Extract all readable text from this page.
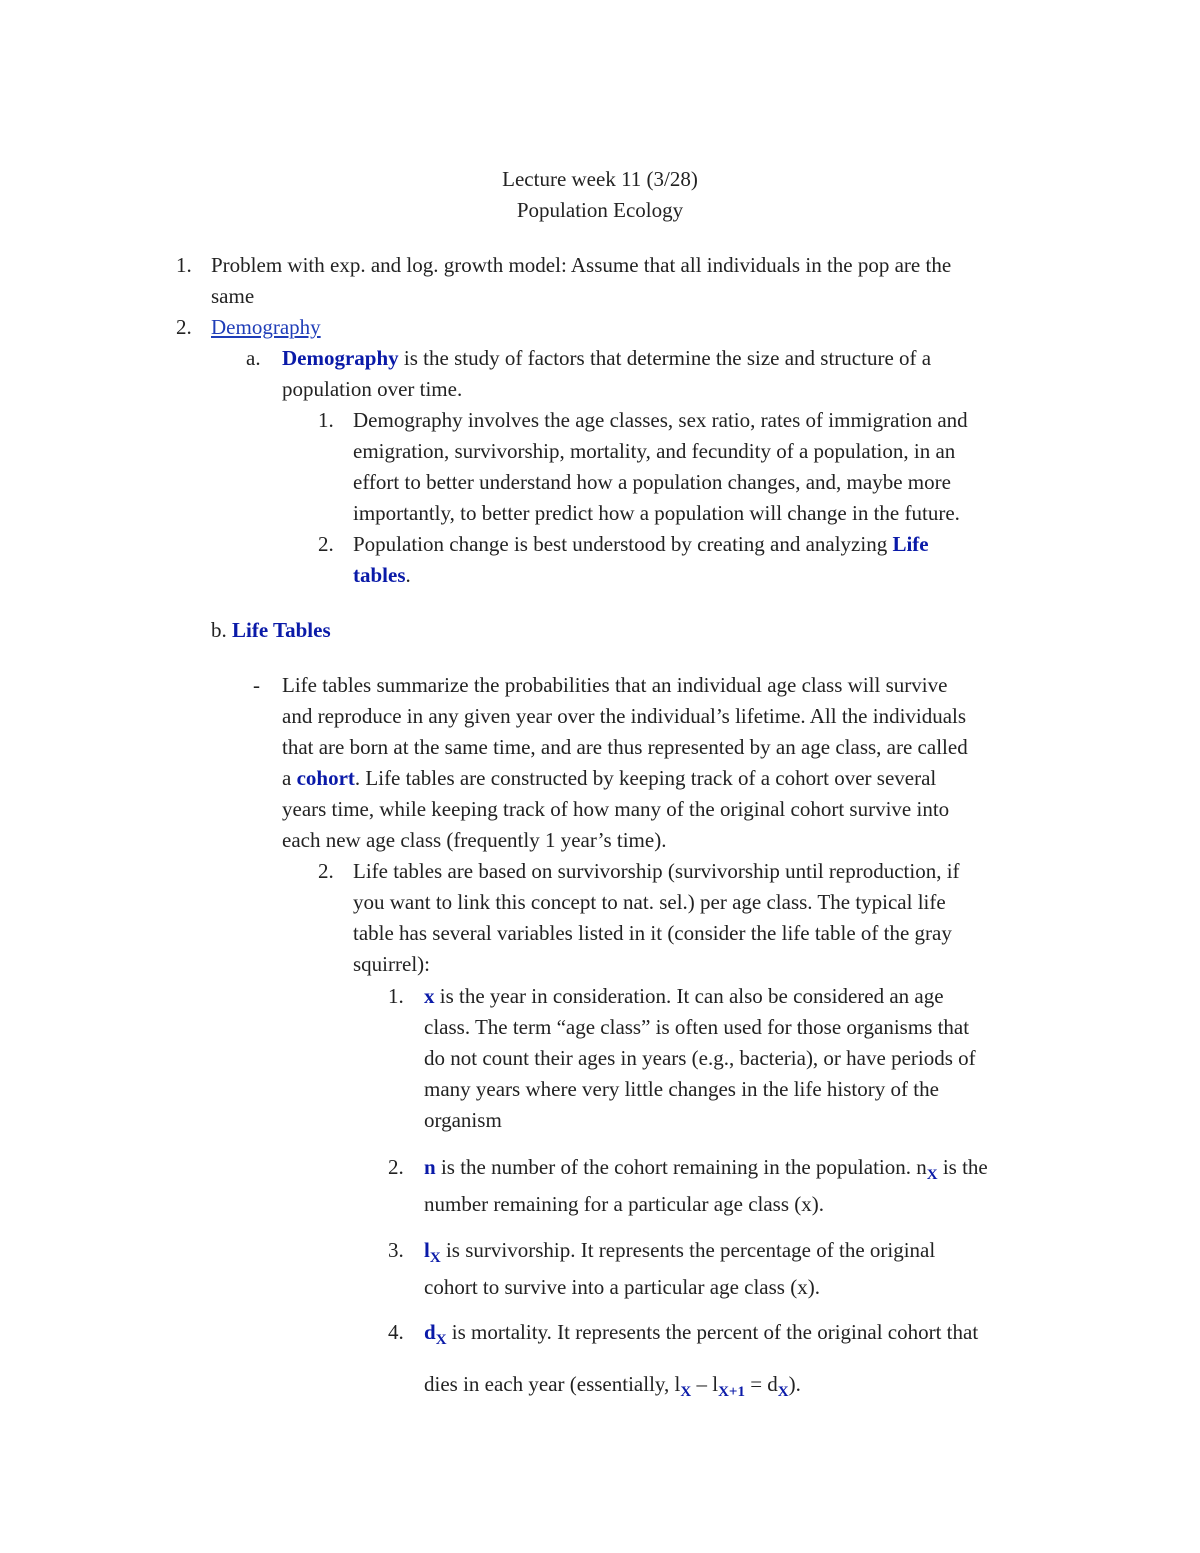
Lecture week 11 (3/28)
Population Ecology
1. Problem with exp. and log. growth model: Assume that all individuals in the pop are the
same
2. Demography
a. Demography is the study of factors that determine the size and structure of a
population over time.
1. Demography involves the age classes, sex ratio, rates of immigration and
emigration, survivorship, mortality, and fecundity of a population, in an
effort to better understand how a population changes, and, maybe more
importantly, to better predict how a population will change in the future.
2. Population change is best understood by creating and analyzing Life
tables.
b. Life Tables
- Life tables summarize the probabilities that an individual age class will survive
and reproduce in any given year over the individual’s lifetime. All the individuals
that are born at the same time, and are thus represented by an age class, are called
a cohort. Life tables are constructed by keeping track of a cohort over several
years time, while keeping track of how many of the original cohort survive into
each new age class (frequently 1 year’s time).
2. Life tables are based on survivorship (survivorship until reproduction, if
you want to link this concept to nat. sel.) per age class. The typical life
table has several variables listed in it (consider the life table of the gray
squirrel):
1. x is the year in consideration. It can also be considered an age
class. The term “age class” is often used for those organisms that
do not count their ages in years (e.g., bacteria), or have periods of
many years where very little changes in the life history of the
organism
2. n is the number of the cohort remaining in the population. $n_X$ is the
number remaining for a particular age class (x).
3. $l_X$ is survivorship. It represents the percentage of the original
cohort to survive into a particular age class (x).
4. $d_X$ is mortality. It represents the percent of the original cohort that
dies in each year (essentially, $l_X - l_{X+1} = d_X$).
